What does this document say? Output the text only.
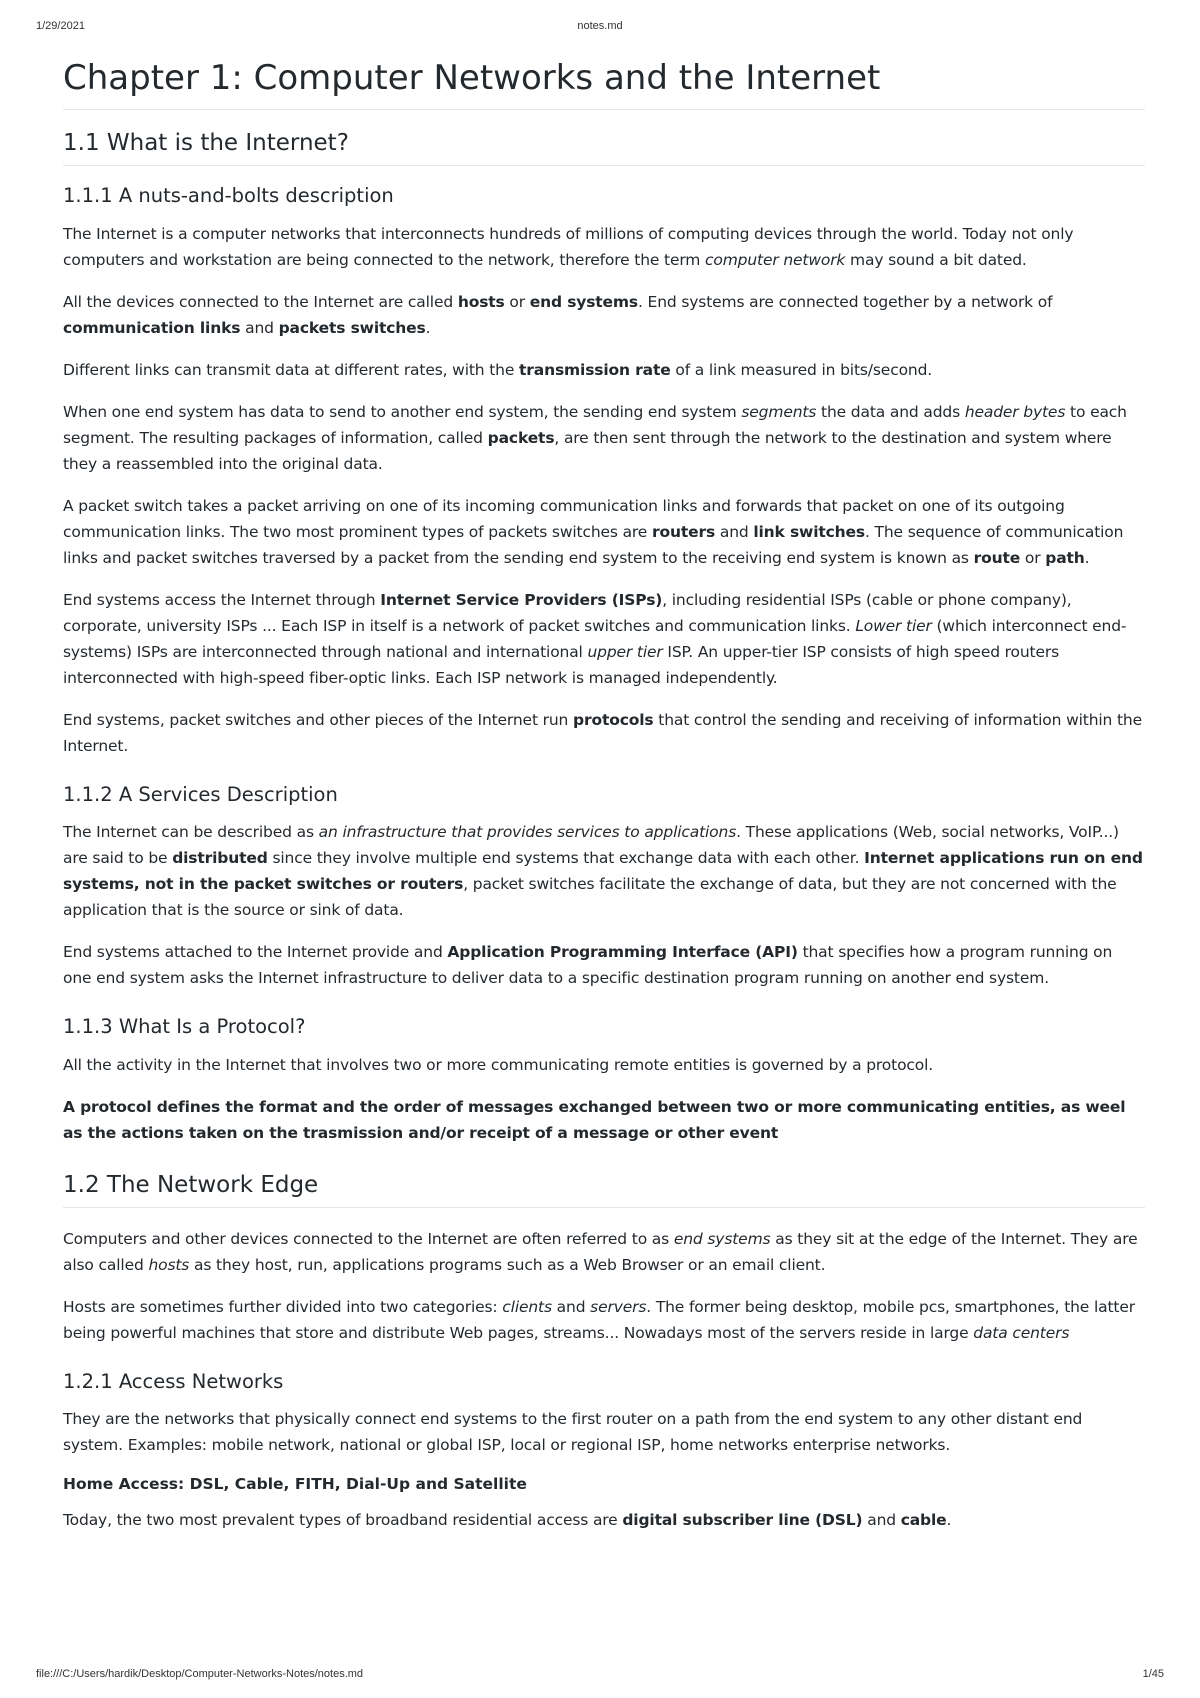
1/29/2021	notes.md
Chapter 1: Computer Networks and the Internet
1.1 What is the Internet?
1.1.1 A nuts-and-bolts description

The Internet is a computer networks that interconnects hundreds of millions of computing devices through the world. Today not only computers and workstation are being connected to the network, therefore the term computer network may sound a bit dated.

All the devices connected to the Internet are called hosts or end systems. End systems are connected together by a network of communication links and packets switches.

Different links can transmit data at different rates, with the transmission rate of a link measured in bits/second.

When one end system has data to send to another end system, the sending end system segments the data and adds header bytes to each segment. The resulting packages of information, called packets, are then sent through the network to the destination and system where they a reassembled into the original data.

A packet switch takes a packet arriving on one of its incoming communication links and forwards that packet on one of its outgoing communication links. The two most prominent types of packets switches are routers and link switches. The sequence of communication links and packet switches traversed by a packet from the sending end system to the receiving end system is known as route or path.

End systems access the Internet through Internet Service Providers (ISPs), including residential ISPs (cable or phone company), corporate, university ISPs ... Each ISP in itself is a network of packet switches and communication links. Lower tier (which interconnect end-systems) ISPs are interconnected through national and international upper tier ISP. An upper-tier ISP consists of high speed routers interconnected with high-speed fiber-optic links. Each ISP network is managed independently.

End systems, packet switches and other pieces of the Internet run protocols that control the sending and receiving of information within the Internet.

1.1.2 A Services Description

The Internet can be described as an infrastructure that provides services to applications. These applications (Web, social networks, VoIP...) are said to be distributed since they involve multiple end systems that exchange data with each other. Internet applications run on end systems, not in the packet switches or routers, packet switches facilitate the exchange of data, but they are not concerned with the application that is the source or sink of data.

End systems attached to the Internet provide and Application Programming Interface (API) that specifies how a program running on one end system asks the Internet infrastructure to deliver data to a specific destination program running on another end system.

1.1.3 What Is a Protocol?

All the activity in the Internet that involves two or more communicating remote entities is governed by a protocol.

A protocol defines the format and the order of messages exchanged between two or more communicating entities, as weel as the actions taken on the trasmission and/or receipt of a message or other event

1.2 The Network Edge

Computers and other devices connected to the Internet are often referred to as end systems as they sit at the edge of the Internet. They are also called hosts as they host, run, applications programs such as a Web Browser or an email client.

Hosts are sometimes further divided into two categories: clients and servers. The former being desktop, mobile pcs, smartphones, the latter being powerful machines that store and distribute Web pages, streams... Nowadays most of the servers reside in large data centers

1.2.1 Access Networks

They are the networks that physically connect end systems to the first router on a path from the end system to any other distant end system. Examples: mobile network, national or global ISP, local or regional ISP, home networks enterprise networks.

Home Access: DSL, Cable, FITH, Dial-Up and Satellite

Today, the two most prevalent types of broadband residential access are digital subscriber line (DSL) and cable.

file:///C:/Users/hardik/Desktop/Computer-Networks-Notes/notes.md	1/45
